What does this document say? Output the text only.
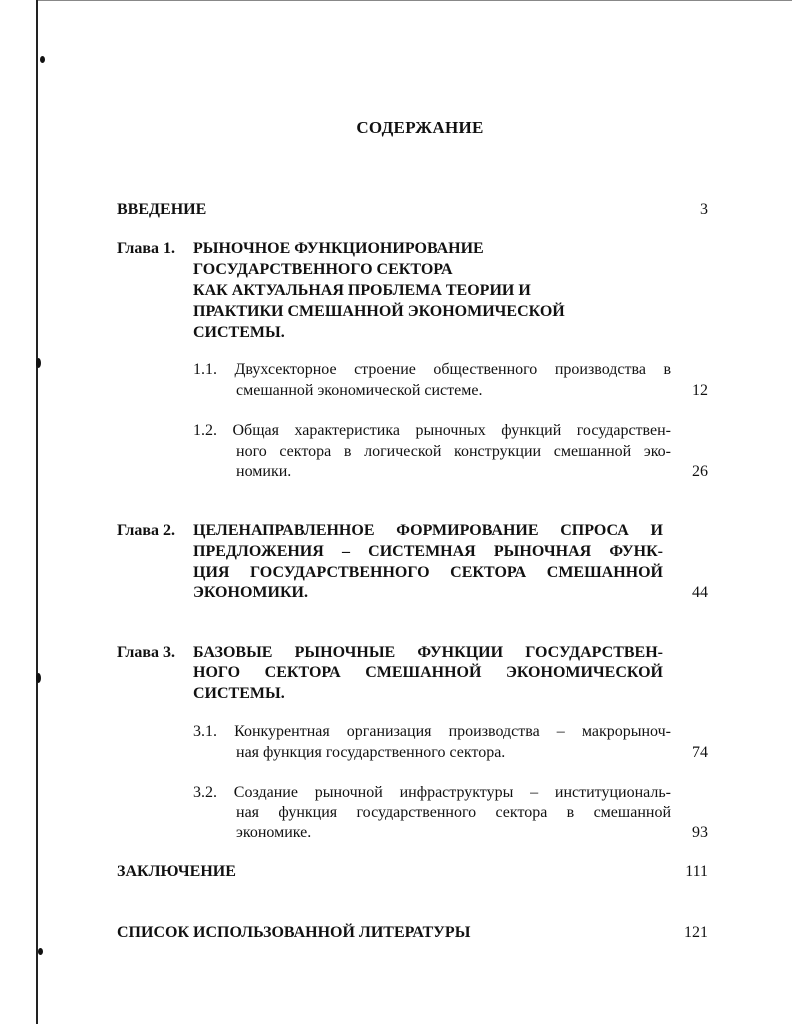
СОДЕРЖАНИЕ
ВВЕДЕНИЕ	3
Глава 1. РЫНОЧНОЕ ФУНКЦИОНИРОВАНИЕ
ГОСУДАРСТВЕННОГО СЕКТОРА
КАК АКТУАЛЬНАЯ ПРОБЛЕМА ТЕОРИИ И
ПРАКТИКИ СМЕШАННОЙ ЭКОНОМИЧЕСКОЙ
СИСТЕМЫ.
1.1. Двухсекторное строение общественного производства в
смешанной экономической системе.	12
1.2. Общая характеристика рыночных функций государствен-
ного сектора в логической конструкции смешанной эко-
номики.	26
Глава 2. ЦЕЛЕНАПРАВЛЕННОЕ ФОРМИРОВАНИЕ СПРОСА И
ПРЕДЛОЖЕНИЯ – СИСТЕМНАЯ РЫНОЧНАЯ ФУНК-
ЦИЯ ГОСУДАРСТВЕННОГО СЕКТОРА СМЕШАННОЙ
ЭКОНОМИКИ.	44
Глава 3. БАЗОВЫЕ РЫНОЧНЫЕ ФУНКЦИИ ГОСУДАРСТВЕН-
НОГО СЕКТОРА СМЕШАННОЙ ЭКОНОМИЧЕСКОЙ
СИСТЕМЫ.
3.1. Конкурентная организация производства – макрорыноч-
ная функция государственного сектора.	74
3.2. Создание рыночной инфраструктуры – институциональ-
ная функция государственного сектора в смешанной
экономике.	93
ЗАКЛЮЧЕНИЕ	111
СПИСОК ИСПОЛЬЗОВАННОЙ ЛИТЕРАТУРЫ	121
